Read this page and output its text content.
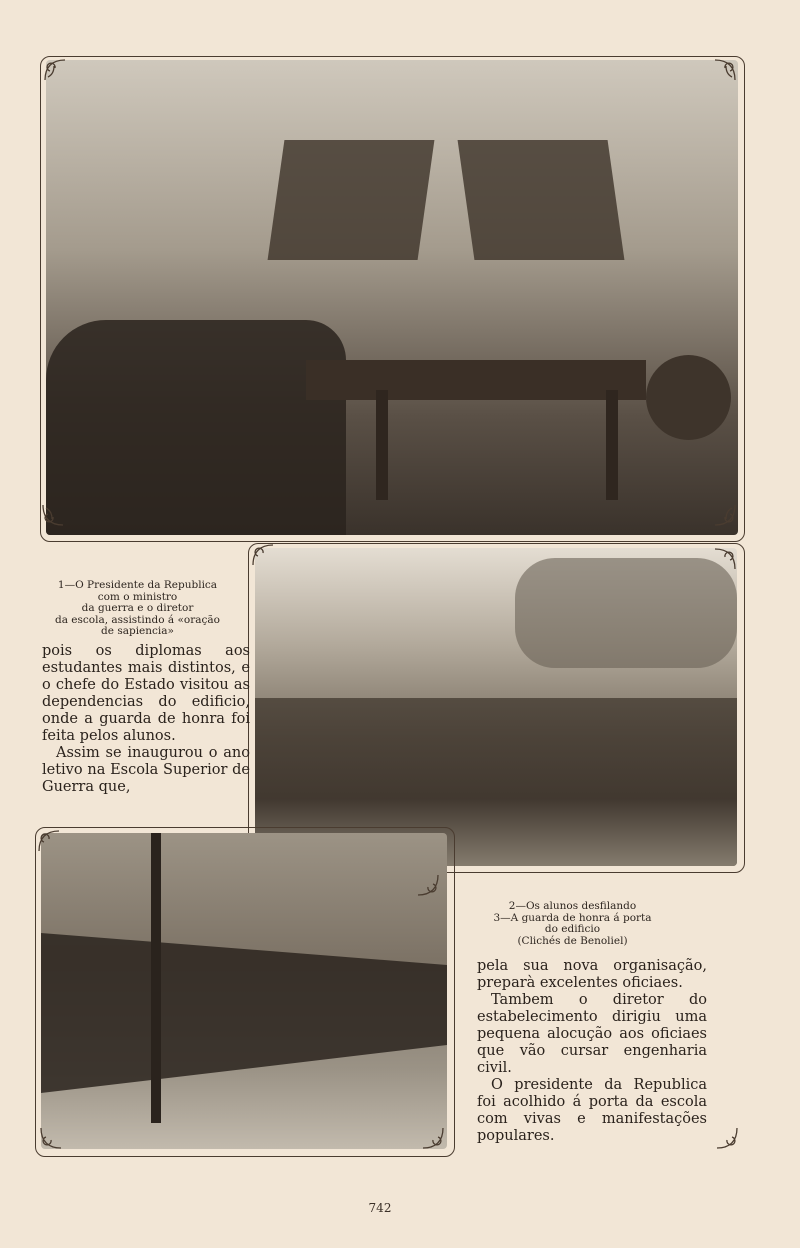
1—O Presidente da Republica
com o ministro
da guerra e o diretor
da escola, assistindo á «oração
de sapiencia»

pois os diplomas aos estudantes mais distintos, e o chefe do Estado visitou as dependencias do edificio, onde a guarda de honra foi feita pelos alunos.

Assim se inaugurou o ano letivo na Escola Superior de Guerra que,

2—Os alunos desfilando
3—A guarda de honra á porta
do edificio
(Clichés de Benoliel)

pela sua nova organisação, preparà excelentes oficiaes.

Tambem o diretor do estabelecimento dirigiu uma pequena alocução aos oficiaes que vão cursar engenharia civil.

O presidente da Republica foi acolhido á porta da escola com vivas e manifestações populares.

742
